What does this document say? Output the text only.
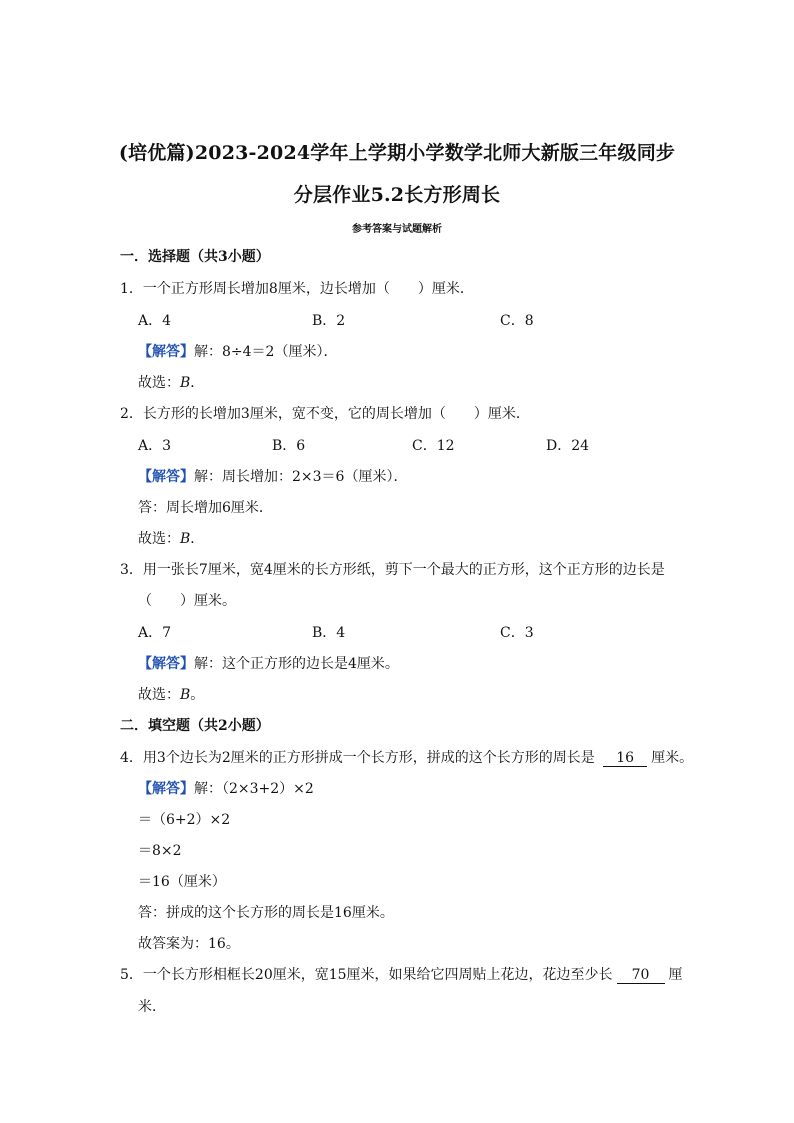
(培优篇)2023-2024学年上学期小学数学北师大新版三年级同步
分层作业5.2长方形周长
参考答案与试题解析
一．选择题（共3小题）
1．一个正方形周长增加8厘米，边长增加（　　）厘米．
A．4	B．2	C．8
【解答】解：8÷4＝2（厘米）．
故选：B．
2．长方形的长增加3厘米，宽不变，它的周长增加（　　）厘米．
A．3	B．6	C．12	D．24
【解答】解：周长增加：2×3＝6（厘米）．
答：周长增加6厘米．
故选：B．
3．用一张长7厘米，宽4厘米的长方形纸，剪下一个最大的正方形，这个正方形的边长是
（　　）厘米。
A．7	B．4	C．3
【解答】解：这个正方形的边长是4厘米。
故选：B。
二．填空题（共2小题）
4．用3个边长为2厘米的正方形拼成一个长方形，拼成的这个长方形的周长是 16 厘米。
【解答】解：（2×3+2）×2
＝（6+2）×2
＝8×2
＝16（厘米）
答：拼成的这个长方形的周长是16厘米。
故答案为：16。
5．一个长方形相框长20厘米，宽15厘米，如果给它四周贴上花边，花边至少长 70 厘
米．
